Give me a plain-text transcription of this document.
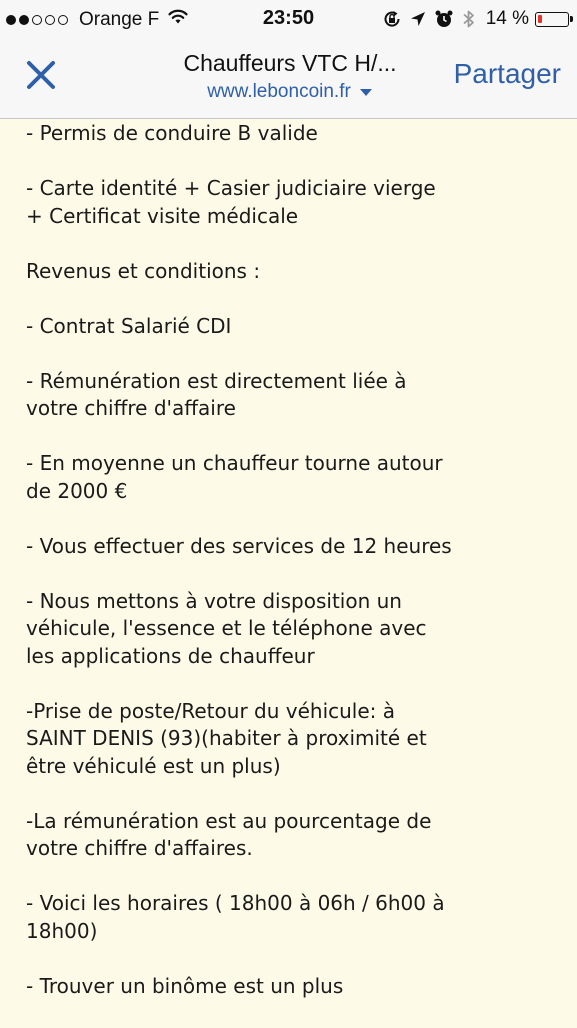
Orange F	23:50	14 %
Chauffeurs VTC H/...
www.leboncoin.fr
Partager

- Permis de conduire B valide

- Carte identité + Casier judiciaire vierge
+ Certificat visite médicale

Revenus et conditions :

- Contrat Salarié CDI

- Rémunération est directement liée à
votre chiffre d'affaire

- En moyenne un chauffeur tourne autour
de 2000 €

- Vous effectuer des services de 12 heures

- Nous mettons à votre disposition un
véhicule, l'essence et le téléphone avec
les applications de chauffeur

-Prise de poste/Retour du véhicule: à
SAINT DENIS (93)(habiter à proximité et
être véhiculé est un plus)

-La rémunération est au pourcentage de
votre chiffre d'affaires.

- Voici les horaires ( 18h00 à 06h / 6h00 à
18h00)

- Trouver un binôme est un plus
